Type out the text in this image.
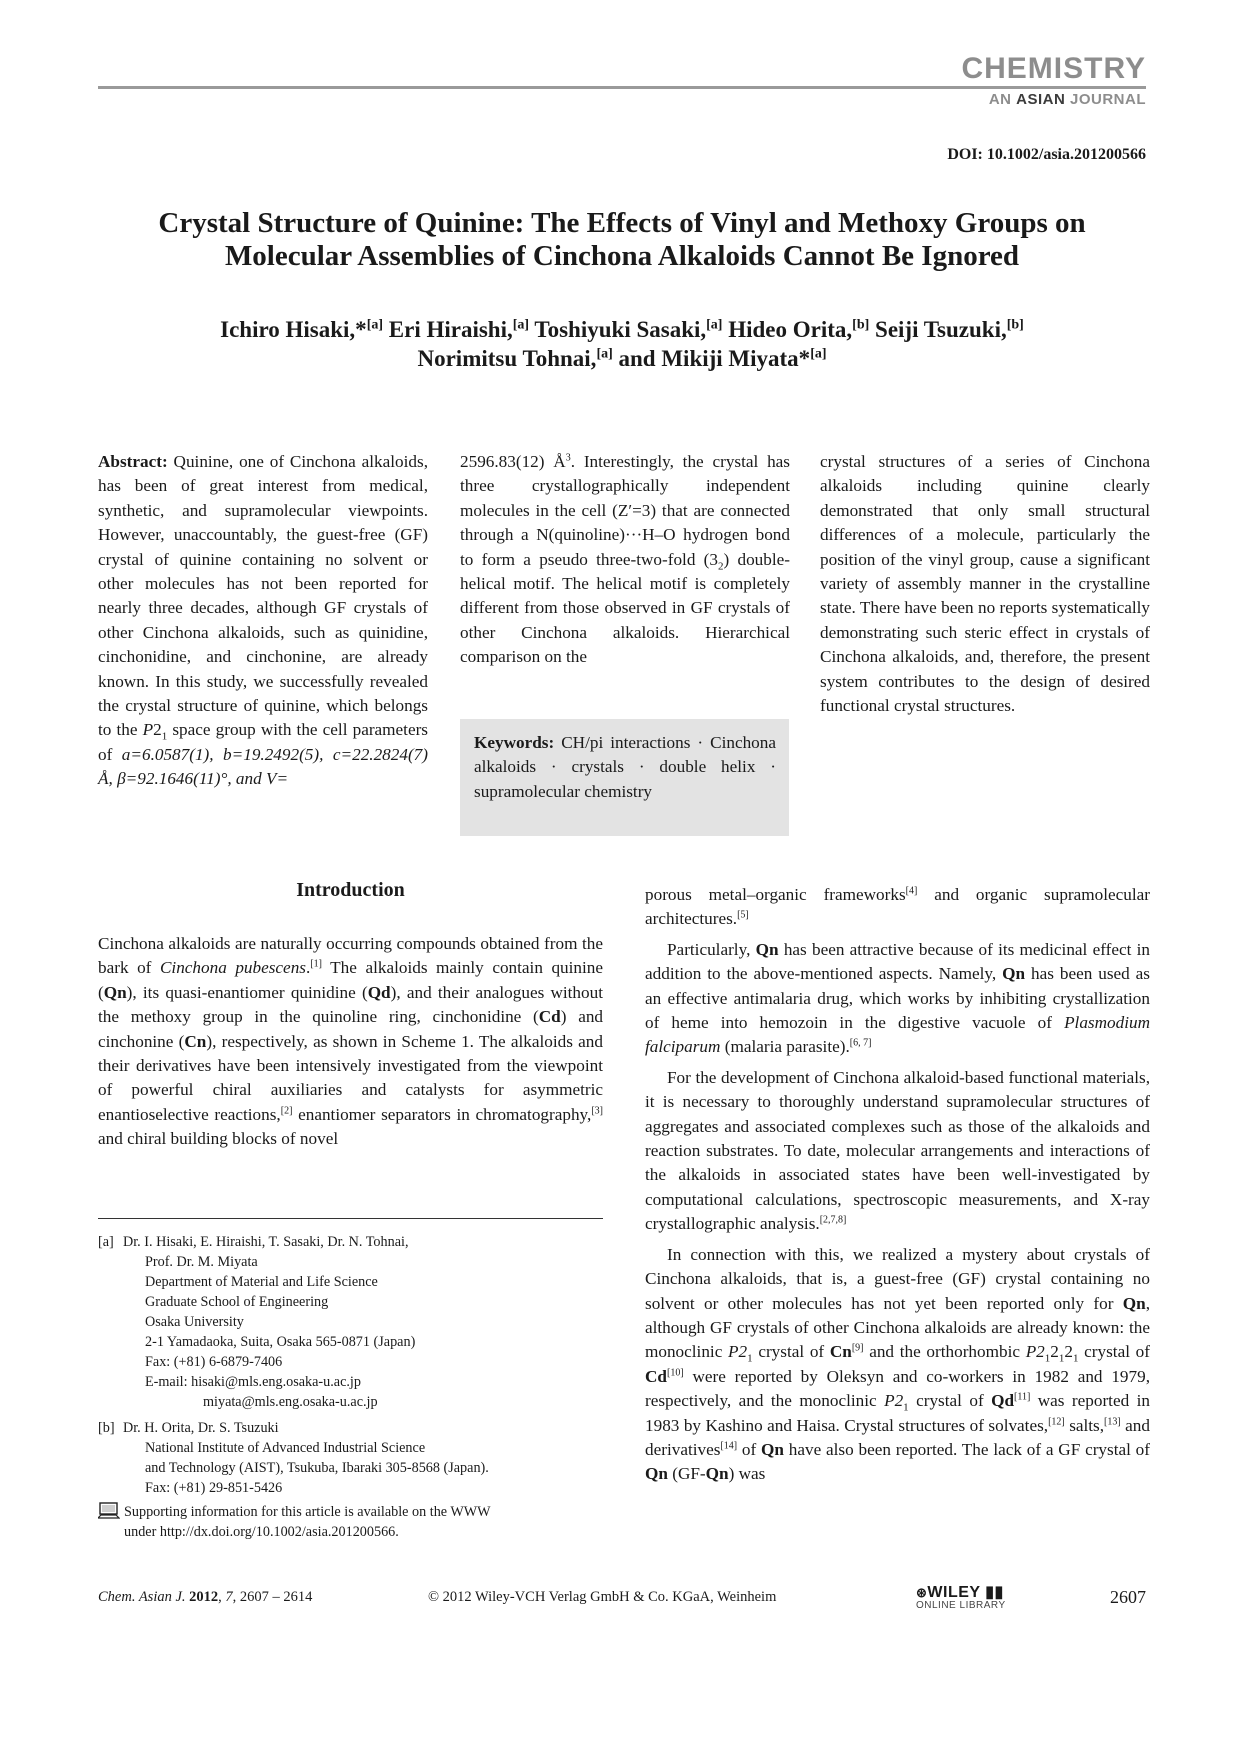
CHEMISTRY
AN ASIAN JOURNAL
DOI: 10.1002/asia.201200566
Crystal Structure of Quinine: The Effects of Vinyl and Methoxy Groups on
Molecular Assemblies of Cinchona Alkaloids Cannot Be Ignored
Ichiro Hisaki,*[a] Eri Hiraishi,[a] Toshiyuki Sasaki,[a] Hideo Orita,[b] Seiji Tsuzuki,[b]
Norimitsu Tohnai,[a] and Mikiji Miyata*[a]

Abstract: Quinine, one of Cinchona alkaloids, has been of great interest from medical, synthetic, and supramolecular viewpoints. However, unaccountably, the guest-free (GF) crystal of quinine containing no solvent or other molecules has not been reported for nearly three decades, although GF crystals of other Cinchona alkaloids, such as quinidine, cinchonidine, and cinchonine, are already known. In this study, we successfully revealed the crystal structure of quinine, which belongs to the $P2_1$ space group with the cell parameters of a=6.0587(1), b=19.2492(5), c=22.2824(7) Å, β=92.1646(11)°, and V=

2596.83(12) $Å^3$. Interestingly, the crystal has three crystallographically independent molecules in the cell (Z′=3) that are connected through a N(quinoline)···H–O hydrogen bond to form a pseudo three-two-fold $(3_2)$ double-helical motif. The helical motif is completely different from those observed in GF crystals of other Cinchona alkaloids. Hierarchical comparison on the

Keywords: CH/pi interactions · Cinchona alkaloids · crystals · double helix · supramolecular chemistry

crystal structures of a series of Cinchona alkaloids including quinine clearly demonstrated that only small structural differences of a molecule, particularly the position of the vinyl group, cause a significant variety of assembly manner in the crystalline state. There have been no reports systematically demonstrating such steric effect in crystals of Cinchona alkaloids, and, therefore, the present system contributes to the design of desired functional crystal structures.

Introduction

Cinchona alkaloids are naturally occurring compounds obtained from the bark of Cinchona pubescens.[1] The alkaloids mainly contain quinine (Qn), its quasi-enantiomer quinidine (Qd), and their analogues without the methoxy group in the quinoline ring, cinchonidine (Cd) and cinchonine (Cn), respectively, as shown in Scheme 1. The alkaloids and their derivatives have been intensively investigated from the viewpoint of powerful chiral auxiliaries and catalysts for asymmetric enantioselective reactions,[2] enantiomer separators in chromatography,[3] and chiral building blocks of novel

porous metal–organic frameworks[4] and organic supramolecular architectures.[5]

Particularly, Qn has been attractive because of its medicinal effect in addition to the above-mentioned aspects. Namely, Qn has been used as an effective antimalaria drug, which works by inhibiting crystallization of heme into hemozoin in the digestive vacuole of Plasmodium falciparum (malaria parasite).[6, 7]

For the development of Cinchona alkaloid-based functional materials, it is necessary to thoroughly understand supramolecular structures of aggregates and associated complexes such as those of the alkaloids and reaction substrates. To date, molecular arrangements and interactions of the alkaloids in associated states have been well-investigated by computational calculations, spectroscopic measurements, and X-ray crystallographic analysis.[2,7,8]

In connection with this, we realized a mystery about crystals of Cinchona alkaloids, that is, a guest-free (GF) crystal containing no solvent or other molecules has not yet been reported only for Qn, although GF crystals of other Cinchona alkaloids are already known: the monoclinic $P2_1$ crystal of Cn[9] and the orthorhombic $P2_12_12_1$ crystal of Cd[10] were reported by Oleksyn and co-workers in 1982 and 1979, respectively, and the monoclinic $P2_1$ crystal of Qd[11] was reported in 1983 by Kashino and Haisa. Crystal structures of solvates,[12] salts,[13] and derivatives[14] of Qn have also been reported. The lack of a GF crystal of Qn (GF-Qn) was

[a] Dr. I. Hisaki, E. Hiraishi, T. Sasaki, Dr. N. Tohnai,
Prof. Dr. M. Miyata
Department of Material and Life Science
Graduate School of Engineering
Osaka University
2-1 Yamadaoka, Suita, Osaka 565-0871 (Japan)
Fax: (+81) 6-6879-7406
E-mail: hisaki@mls.eng.osaka-u.ac.jp
miyata@mls.eng.osaka-u.ac.jp
[b] Dr. H. Orita, Dr. S. Tsuzuki
National Institute of Advanced Industrial Science
and Technology (AIST), Tsukuba, Ibaraki 305-8568 (Japan).
Fax: (+81) 29-851-5426
Supporting information for this article is available on the WWW
under http://dx.doi.org/10.1002/asia.201200566.
Chem. Asian J. 2012, 7, 2607 – 2614	© 2012 Wiley-VCH Verlag GmbH & Co. KGaA, Weinheim	⊛WILEY ▮▮
ONLINE LIBRARY	2607
